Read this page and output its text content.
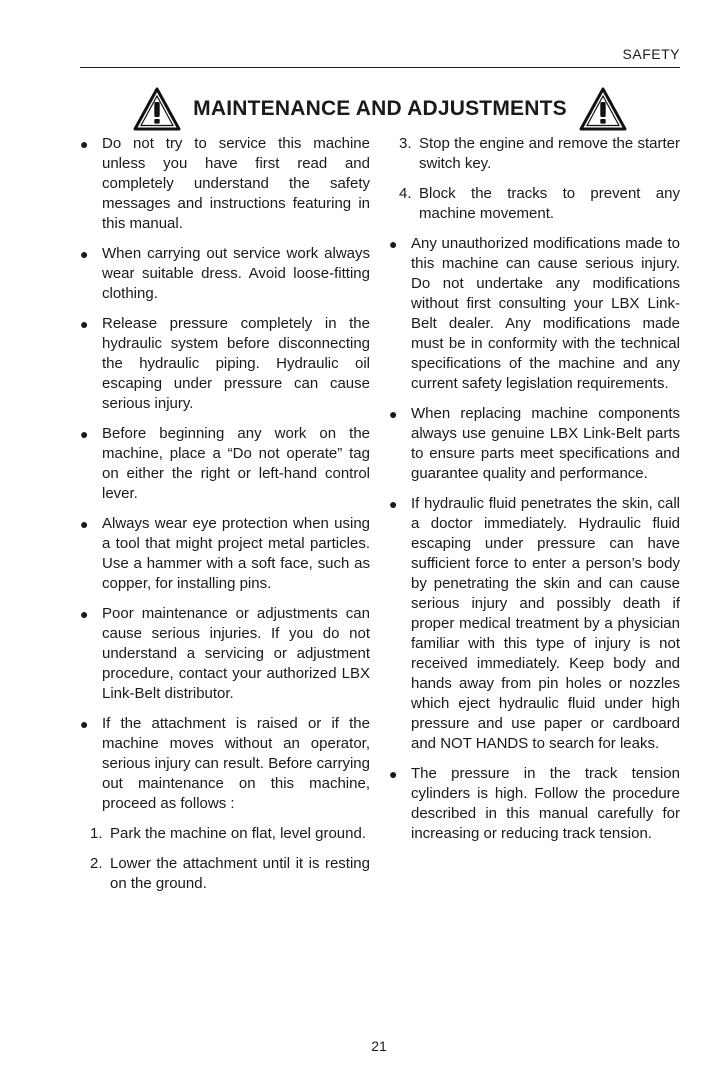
SAFETY
MAINTENANCE AND ADJUSTMENTS

● Do not try to service this machine unless you have first read and completely understand the safety messages and instructions featuring in this manual.

● When carrying out service work always wear suitable dress. Avoid loose-fitting clothing.

● Release pressure completely in the hydraulic system before disconnecting the hydraulic piping. Hydraulic oil escaping under pressure can cause serious injury.

● Before beginning any work on the machine, place a “Do not operate” tag on either the right or left-hand control lever.

● Always wear eye protection when using a tool that might project metal particles. Use a hammer with a soft face, such as copper, for installing pins.

● Poor maintenance or adjustments can cause serious injuries. If you do not understand a servicing or adjustment procedure, contact your authorized LBX Link-Belt distributor.

● If the attachment is raised or if the machine moves without an operator, serious injury can result. Before carrying out maintenance on this machine, proceed as follows :

1. Park the machine on flat, level ground.

2. Lower the attachment until it is resting on the ground.

3. Stop the engine and remove the starter switch key.

4. Block the tracks to prevent any machine movement.

● Any unauthorized modifications made to this machine can cause serious injury. Do not undertake any modifications without first consulting your LBX Link-Belt dealer. Any modifications made must be in conformity with the technical specifications of the machine and any current safety legislation requirements.

● When replacing machine components always use genuine LBX Link-Belt parts to ensure parts meet specifications and guarantee quality and performance.

● If hydraulic fluid penetrates the skin, call a doctor immediately. Hydraulic fluid escaping under pressure can have sufficient force to enter a person’s body by penetrating the skin and can cause serious injury and possibly death if proper medical treatment by a physician familiar with this type of injury is not received immediately. Keep body and hands away from pin holes or nozzles which eject hydraulic fluid under high pressure and use paper or cardboard and NOT HANDS to search for leaks.

● The pressure in the track tension cylinders is high. Follow the procedure described in this manual carefully for increasing or reducing track tension.

21
